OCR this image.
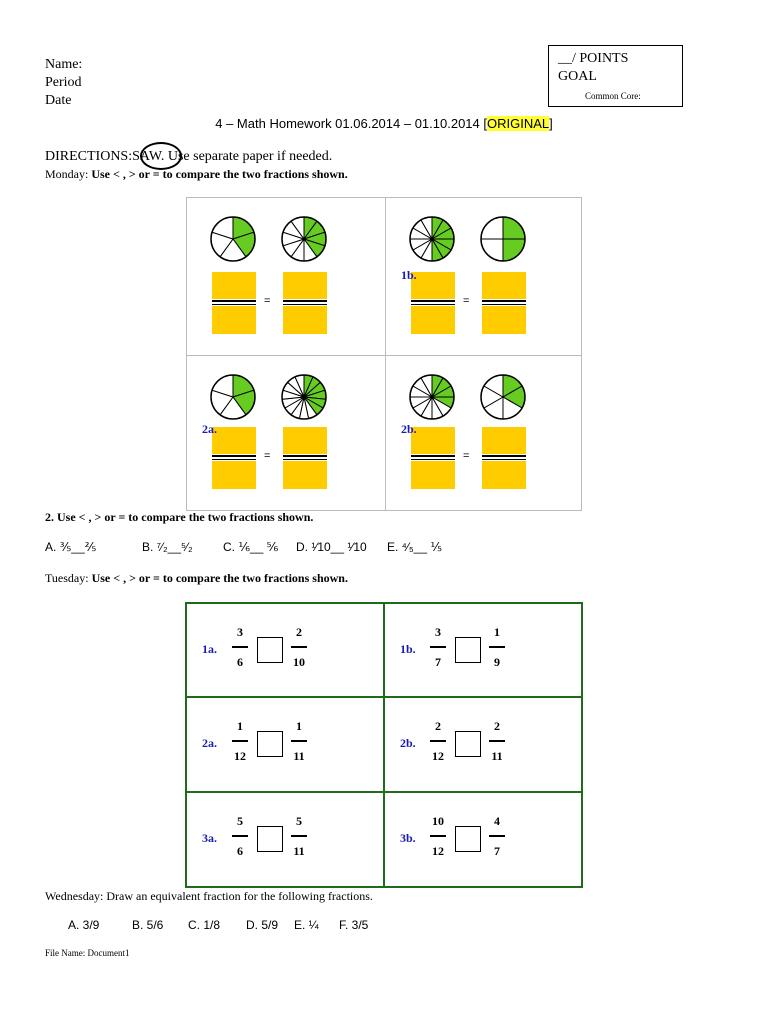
Name:
Period
Date
__/ POINTS
GOAL
Common Core:
4 – Math Homework 01.06.2014 – 01.10.2014 [ORIGINAL]
DIRECTIONS:SAW. Use separate paper if needed.
Monday: Use < , > or = to compare the two fractions shown.
=	=
1b.
=
2a.
=
2b.
2. Use < , > or = to compare the two fractions shown.
A. ⅗__⅖	B. ⁷⁄₂__⁵⁄₂	C. ⅙__ ⅚ D. ¹⁄10__ ¹⁄10 E. ⁴⁄₅__ ⅕
Tuesday: Use < , > or = to compare the two fractions shown.
1a.
3
6
2
10
1b.
3
7
1
9
2a.
1
12
1
11
2b.
2
12
2
11
3a.
5
6
5
11
3b.
10
12
4
7
Wednesday: Draw an equivalent fraction for the following fractions.
A. 3/9	B. 5/6 C. 1/8 D. 5/9 E. ¼ F. 3/5
File Name: Document1
